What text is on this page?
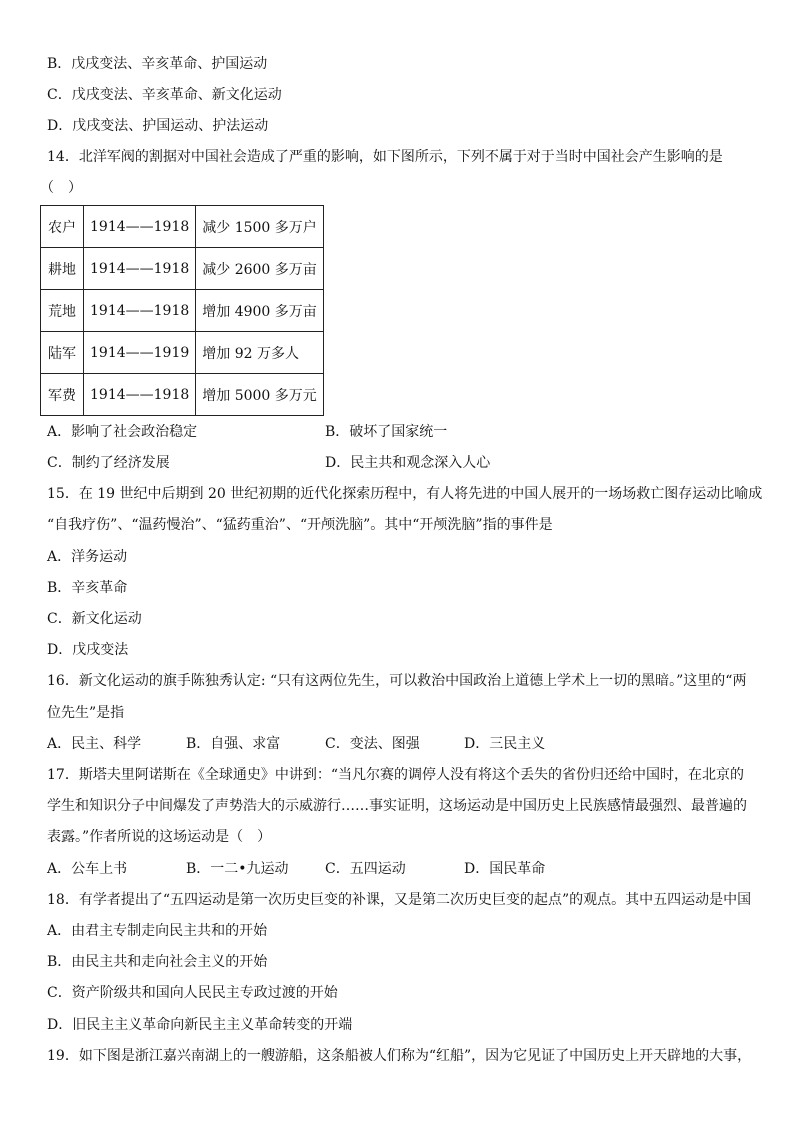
B．戊戌变法、辛亥革命、护国运动
C．戊戌变法、辛亥革命、新文化运动
D．戊戌变法、护国运动、护法运动
14．北洋军阀的割据对中国社会造成了严重的影响，如下图所示，下列不属于对于当时中国社会产生影响的是
（　）
农户	1914——1918	减少 1500 多万户
耕地	1914——1918	减少 2600 多万亩
荒地	1914——1918	增加 4900 多万亩
陆军	1914——1919	增加 92 万多人
军费	1914——1918	增加 5000 多万元
A．影响了社会政治稳定	B．破坏了国家统一
C．制约了经济发展	D．民主共和观念深入人心
15．在 19 世纪中后期到 20 世纪初期的近代化探索历程中，有人将先进的中国人展开的一场场救亡图存运动比喻成
“自我疗伤”、“温药慢治”、“猛药重治”、“开颅洗脑”。其中“开颅洗脑”指的事件是
A．洋务运动
B．辛亥革命
C．新文化运动
D．戊戌变法
16．新文化运动的旗手陈独秀认定: “只有这两位先生，可以救治中国政治上道德上学术上一切的黑暗。”这里的“两
位先生”是指
A．民主、科学	B．自强、求富	C．变法、图强	D．三民主义
17．斯塔夫里阿诺斯在《全球通史》中讲到：“当凡尔赛的调停人没有将这个丢失的省份归还给中国时，在北京的
学生和知识分子中间爆发了声势浩大的示威游行……事实证明，这场运动是中国历史上民族感情最强烈、最普遍的
表露。”作者所说的这场运动是（　）
A．公车上书	B．一二•九运动	C．五四运动	D．国民革命
18．有学者提出了“五四运动是第一次历史巨变的补课，又是第二次历史巨变的起点”的观点。其中五四运动是中国
A．由君主专制走向民主共和的开始
B．由民主共和走向社会主义的开始
C．资产阶级共和国向人民民主专政过渡的开始
D．旧民主主义革命向新民主主义革命转变的开端
19．如下图是浙江嘉兴南湖上的一艘游船，这条船被人们称为“红船”，因为它见证了中国历史上开天辟地的大事，
